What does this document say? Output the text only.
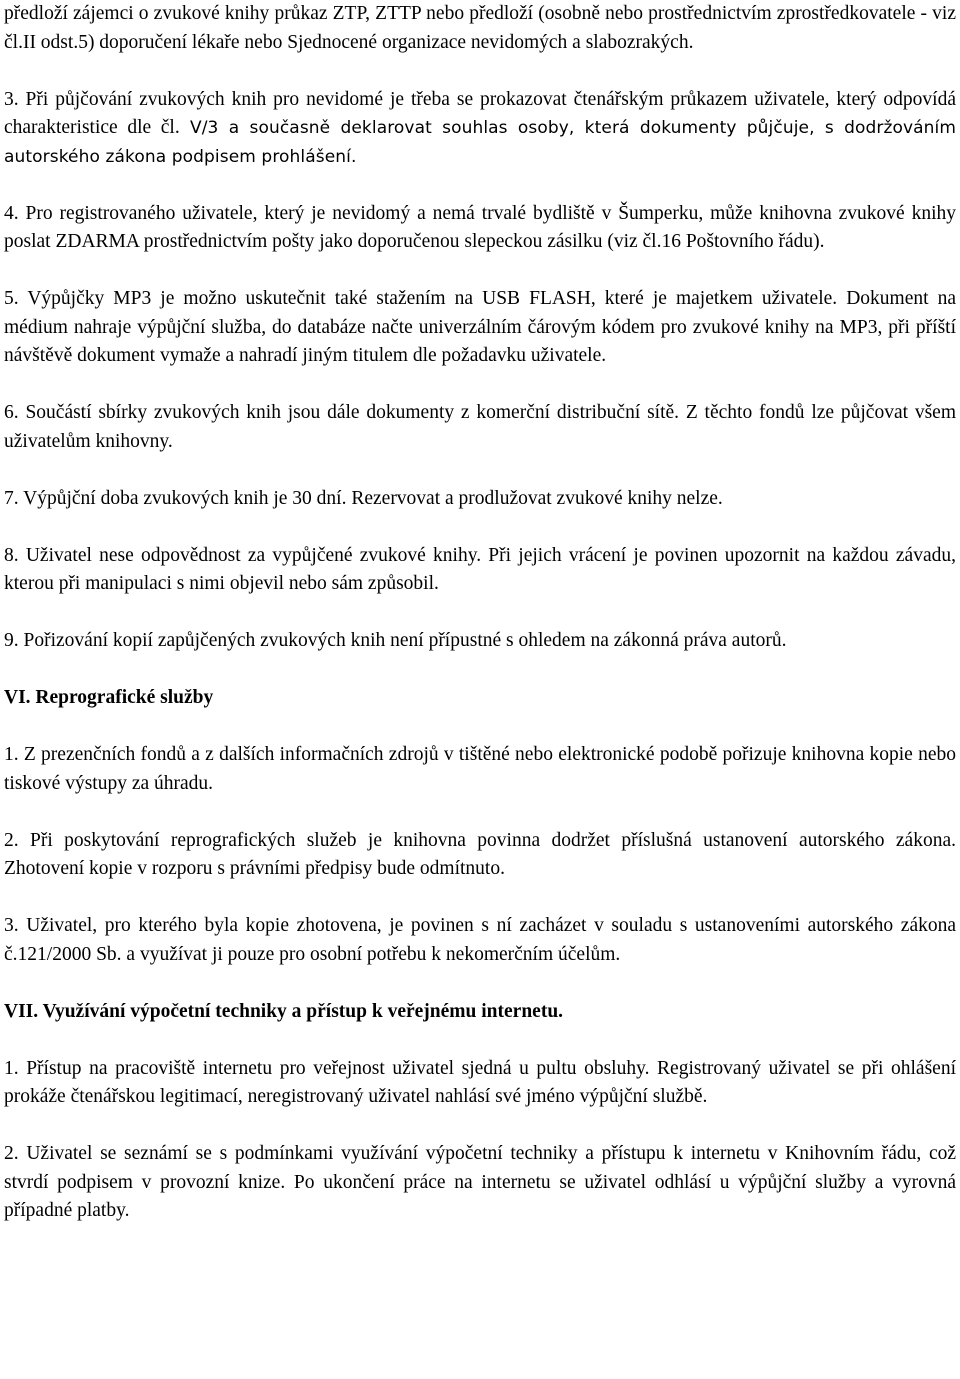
předloží zájemci o zvukové knihy průkaz ZTP, ZTTP nebo předloží (osobně nebo prostřednictvím zprostředkovatele - viz čl.II odst.5) doporučení lékaře nebo Sjednocené organizace nevidomých a slabozrakých.

3. Při půjčování zvukových knih pro nevidomé je třeba se prokazovat čtenářským průkazem uživatele, který odpovídá charakteristice dle čl. V/3 a současně deklarovat souhlas osoby, která dokumenty půjčuje, s dodržováním autorského zákona podpisem prohlášení.

4. Pro registrovaného uživatele, který je nevidomý a nemá trvalé bydliště v Šumperku, může knihovna zvukové knihy poslat ZDARMA prostřednictvím pošty jako doporučenou slepeckou zásilku (viz čl.16 Poštovního řádu).

5. Výpůjčky MP3 je možno uskutečnit také stažením na USB FLASH, které je majetkem uživatele. Dokument na médium nahraje výpůjční služba, do databáze načte univerzálním čárovým kódem pro zvukové knihy na MP3, při příští návštěvě dokument vymaže a nahradí jiným titulem dle požadavku uživatele.

6. Součástí sbírky zvukových knih jsou dále dokumenty z komerční distribuční sítě. Z těchto fondů lze půjčovat všem uživatelům knihovny.

7. Výpůjční doba zvukových knih je 30 dní. Rezervovat a prodlužovat zvukové knihy nelze.

8. Uživatel nese odpovědnost za vypůjčené zvukové knihy. Při jejich vrácení je povinen upozornit na každou závadu, kterou při manipulaci s nimi objevil nebo sám způsobil.

9. Pořizování kopií zapůjčených zvukových knih není přípustné s ohledem na zákonná práva autorů.

VI. Reprografické služby

1. Z prezenčních fondů a z dalších informačních zdrojů v tištěné nebo elektronické podobě pořizuje knihovna kopie nebo tiskové výstupy za úhradu.

2. Při poskytování reprografických služeb je knihovna povinna dodržet příslušná ustanovení autorského zákona. Zhotovení kopie v rozporu s právními předpisy bude odmítnuto.

3. Uživatel, pro kterého byla kopie zhotovena, je povinen s ní zacházet v souladu s ustanoveními autorského zákona č.121/2000 Sb. a využívat ji pouze pro osobní potřebu k nekomerčním účelům.

VII. Využívání výpočetní techniky a přístup k veřejnému internetu.

1. Přístup na pracoviště internetu pro veřejnost uživatel sjedná u pultu obsluhy. Registrovaný uživatel se při ohlášení prokáže čtenářskou legitimací, neregistrovaný uživatel nahlásí své jméno výpůjční službě.

2. Uživatel se seznámí se s podmínkami využívání výpočetní techniky a přístupu k internetu v Knihovním řádu, což stvrdí podpisem v provozní knize. Po ukončení práce na internetu se uživatel odhlásí u výpůjční služby a vyrovná případné platby.
